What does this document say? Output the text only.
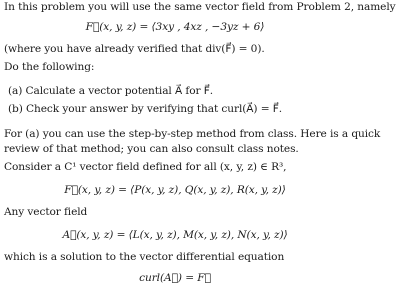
In this problem you will use the same vector field from Problem 2, namely
F⃗(x, y, z) = ⟨3xy , 4xz , −3yz + 6⟩
(where you have already verified that div(F⃗) = 0).
Do the following:
(a) Calculate a vector potential A⃗ for F⃗.
(b) Check your answer by verifying that curl(A⃗) = F⃗.
For (a) you can use the step-by-step method from class. Here is a quick
review of that method; you can also consult class notes.
Consider a C¹ vector field defined for all (x, y, z) ∈ R³,
F⃗(x, y, z) = ⟨P(x, y, z), Q(x, y, z), R(x, y, z)⟩
Any vector field
A⃗(x, y, z) = ⟨L(x, y, z), M(x, y, z), N(x, y, z)⟩
which is a solution to the vector differential equation
curl(A⃗) = F⃗
